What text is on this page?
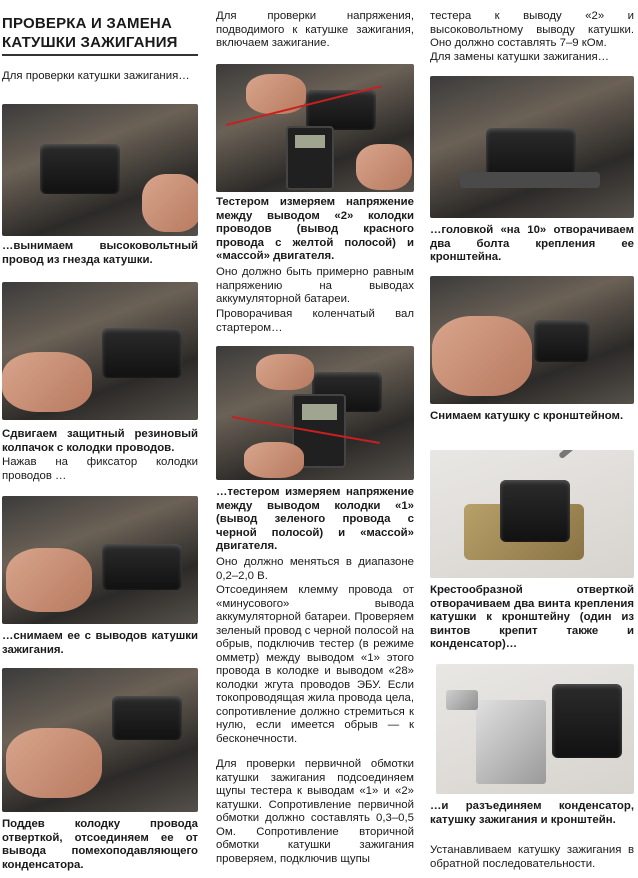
ПРОВЕРКА И ЗАМЕНА КАТУШКИ ЗАЖИГАНИЯ

Для проверки катушки зажигания…

…вынимаем высоковольтный провод из гнезда катушки.

Сдвигаем защитный резиновый колпачок с колодки проводов.

Нажав на фиксатор колодки проводов …

…снимаем ее с выводов катушки зажигания.

Поддев колодку провода отверткой, отсоединяем ее от вывода помехоподавляющего конденсатора.

Для проверки напряжения, подводимого к катушке зажигания, включаем зажигание.

Тестером измеряем напряжение между выводом «2» колодки проводов (вывод красного провода с желтой полосой) и «массой» двигателя.

Оно должно быть примерно равным напряжению на выводах аккумуляторной батареи.

Проворачивая коленчатый вал стартером…

…тестером измеряем напряжение между выводом колодки «1» (вывод зеленого провода с черной полосой) и «массой» двигателя.

Оно должно меняться в диапазоне 0,2–2,0 В.

Отсоединяем клемму провода от «минусового» вывода аккумуляторной батареи. Проверяем зеленый провод с черной полосой на обрыв, подключив тестер (в режиме омметр) между выводом «1» этого провода в колодке и выводом «28» колодки жгута проводов ЭБУ. Если токопроводящая жила провода цела, сопротивление должно стремиться к нулю, если имеется обрыв — к бесконечности.

Для проверки первичной обмотки катушки зажигания подсоединяем щупы тестера к выводам «1» и «2» катушки. Сопротивление первичной обмотки должно составлять 0,3–0,5 Ом. Сопротивление вторичной обмотки катушки зажигания проверяем, подключив щупы

тестера к выводу «2» и высоковольтному выводу катушки. Оно должно составлять 7–9 кОм.

Для замены катушки зажигания…

…головкой «на 10» отворачиваем два болта крепления ее кронштейна.

Снимаем катушку с кронштейном.

Крестообразной отверткой отворачиваем два винта крепления катушки к кронштейну (один из винтов крепит также и конденсатор)…

…и разъединяем конденсатор, катушку зажигания и кронштейн.

Устанавливаем катушку зажигания в обратной последовательности.
